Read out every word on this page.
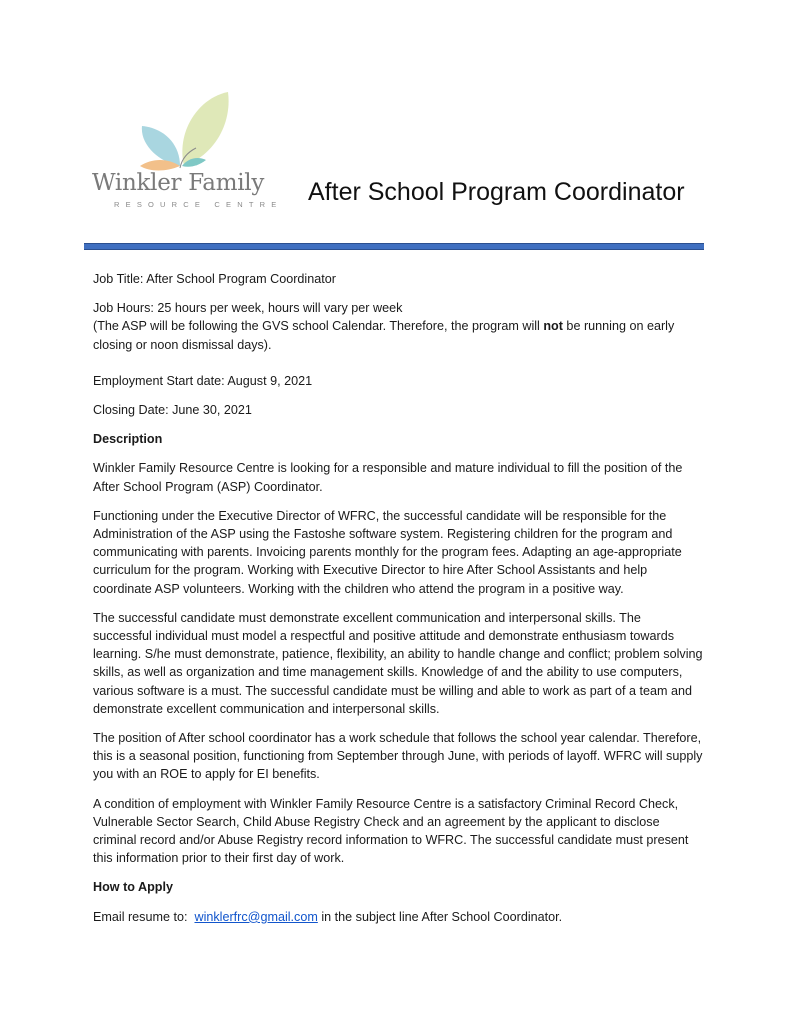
Winkler Family
RESOURCE CENTRE After School Program Coordinator

Job Title: After School Program Coordinator

Job Hours: 25 hours per week, hours will vary per week
(The ASP will be following the GVS school Calendar. Therefore, the program will not be running on early closing or noon dismissal days).

Employment Start date: August 9, 2021

Closing Date: June 30, 2021

Description

Winkler Family Resource Centre is looking for a responsible and mature individual to fill the position of the After School Program (ASP) Coordinator.

Functioning under the Executive Director of WFRC, the successful candidate will be responsible for the Administration of the ASP using the Fastoshe software system. Registering children for the program and communicating with parents. Invoicing parents monthly for the program fees. Adapting an age-appropriate curriculum for the program. Working with Executive Director to hire After School Assistants and help coordinate ASP volunteers. Working with the children who attend the program in a positive way.

The successful candidate must demonstrate excellent communication and interpersonal skills. The successful individual must model a respectful and positive attitude and demonstrate enthusiasm towards learning. S/he must demonstrate, patience, flexibility, an ability to handle change and conflict; problem solving skills, as well as organization and time management skills. Knowledge of and the ability to use computers, various software is a must. The successful candidate must be willing and able to work as part of a team and demonstrate excellent communication and interpersonal skills.

The position of After school coordinator has a work schedule that follows the school year calendar. Therefore, this is a seasonal position, functioning from September through June, with periods of layoff. WFRC will supply you with an ROE to apply for EI benefits.

A condition of employment with Winkler Family Resource Centre is a satisfactory Criminal Record Check, Vulnerable Sector Search, Child Abuse Registry Check and an agreement by the applicant to disclose criminal record and/or Abuse Registry record information to WFRC. The successful candidate must present this information prior to their first day of work.

How to Apply

Email resume to:  winklerfrc@gmail.com in the subject line After School Coordinator.
